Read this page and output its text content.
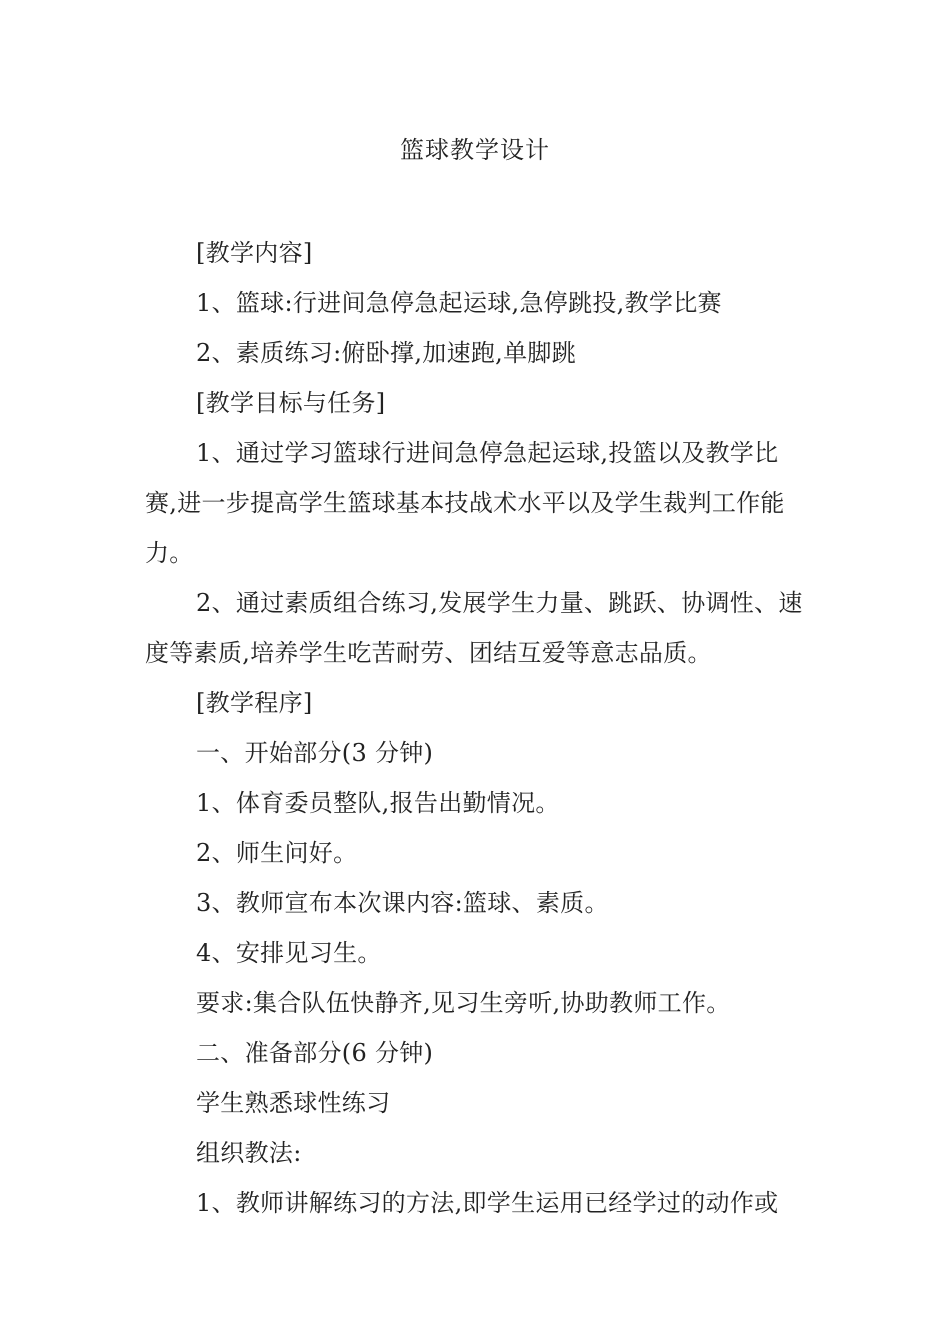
篮球教学设计

[教学内容]

1、篮球:行进间急停急起运球,急停跳投,教学比赛

2、素质练习:俯卧撑,加速跑,单脚跳

[教学目标与任务]

1、通过学习篮球行进间急停急起运球,投篮以及教学比赛,进一步提高学生篮球基本技战术水平以及学生裁判工作能力。

2、通过素质组合练习,发展学生力量、跳跃、协调性、速度等素质,培养学生吃苦耐劳、团结互爱等意志品质。

[教学程序]

一、开始部分(3 分钟)

1、体育委员整队,报告出勤情况。

2、师生问好。

3、教师宣布本次课内容:篮球、素质。

4、安排见习生。

要求:集合队伍快静齐,见习生旁听,协助教师工作。

二、准备部分(6 分钟)

学生熟悉球性练习

组织教法:

1、教师讲解练习的方法,即学生运用已经学过的动作或
